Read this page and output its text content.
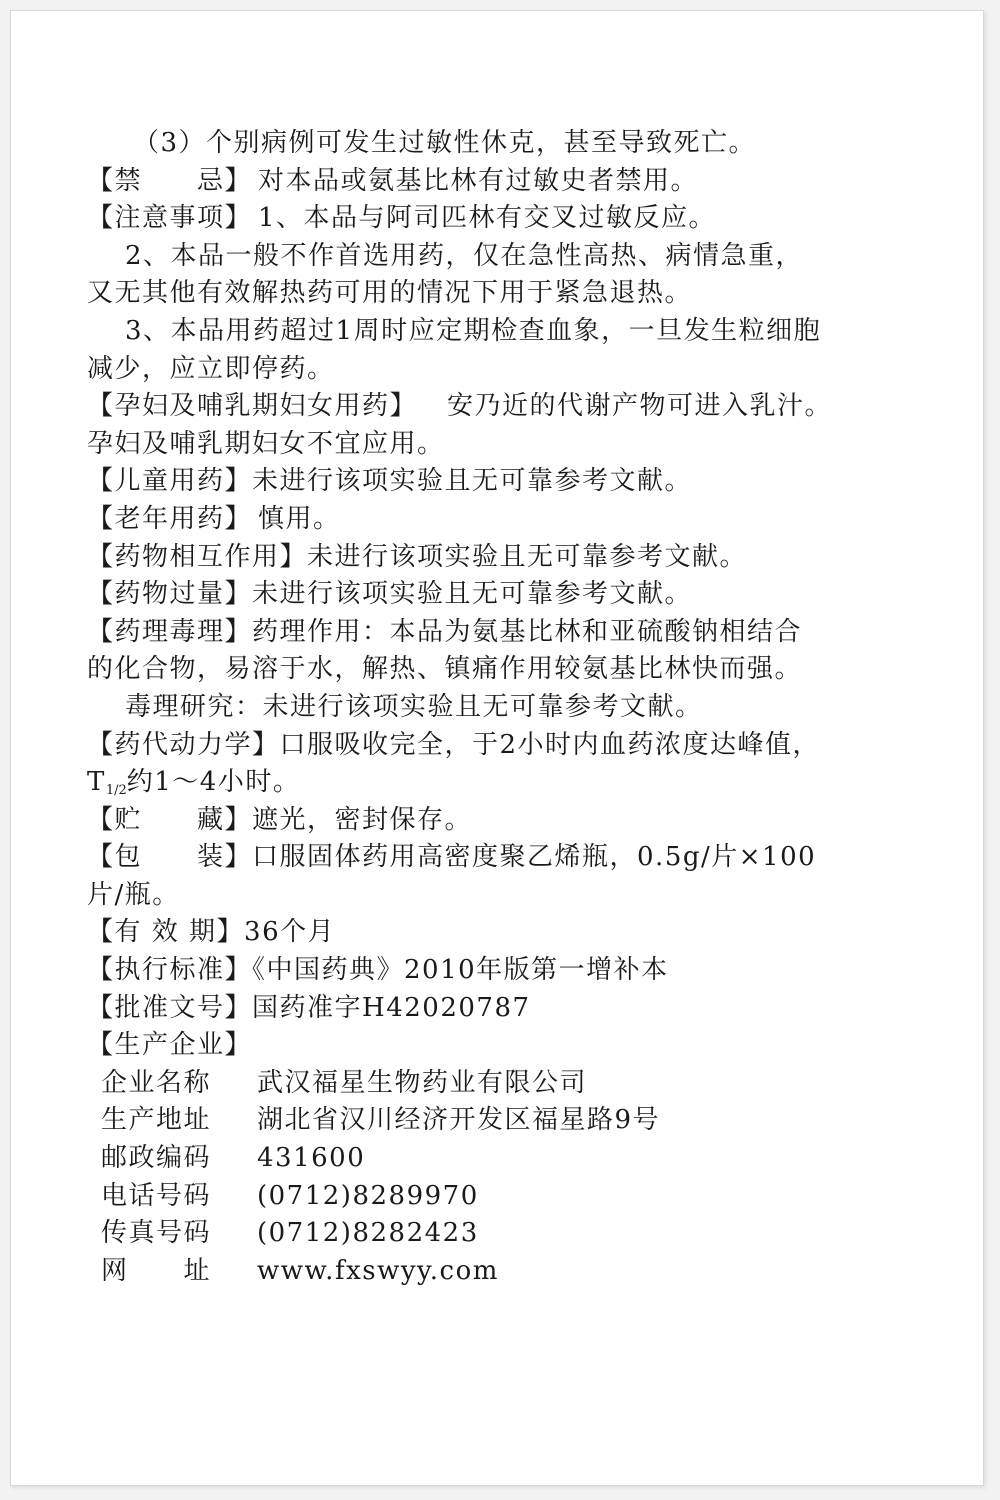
（3）个别病例可发生过敏性休克，甚至导致死亡。
【禁　　忌】 对本品或氨基比林有过敏史者禁用。
【注意事项】 1、本品与阿司匹林有交叉过敏反应。
2、本品一般不作首选用药，仅在急性高热、病情急重，
又无其他有效解热药可用的情况下用于紧急退热。
3、本品用药超过1周时应定期检查血象，一旦发生粒细胞
减少，应立即停药。
【孕妇及哺乳期妇女用药】 安乃近的代谢产物可进入乳汁。
孕妇及哺乳期妇女不宜应用。
【儿童用药】未进行该项实验且无可靠参考文献。
【老年用药】 慎用。
【药物相互作用】未进行该项实验且无可靠参考文献。
【药物过量】未进行该项实验且无可靠参考文献。
【药理毒理】药理作用：本品为氨基比林和亚硫酸钠相结合
的化合物，易溶于水，解热、镇痛作用较氨基比林快而强。
毒理研究：未进行该项实验且无可靠参考文献。
【药代动力学】口服吸收完全，于2小时内血药浓度达峰值，
$T_{1/2}$约1～4小时。
【贮　　藏】遮光，密封保存。
【包　　装】口服固体药用高密度聚乙烯瓶，0.5g/片×100
片/瓶。
【有 效 期】36个月
【执行标准】《中国药典》2010年版第一增补本
【批准文号】国药准字H42020787
【生产企业】
企业名称	武汉福星生物药业有限公司
生产地址	湖北省汉川经济开发区福星路9号
邮政编码	431600
电话号码	(0712)8289970
传真号码	(0712)8282423
网　　址	www.fxswyy.com
